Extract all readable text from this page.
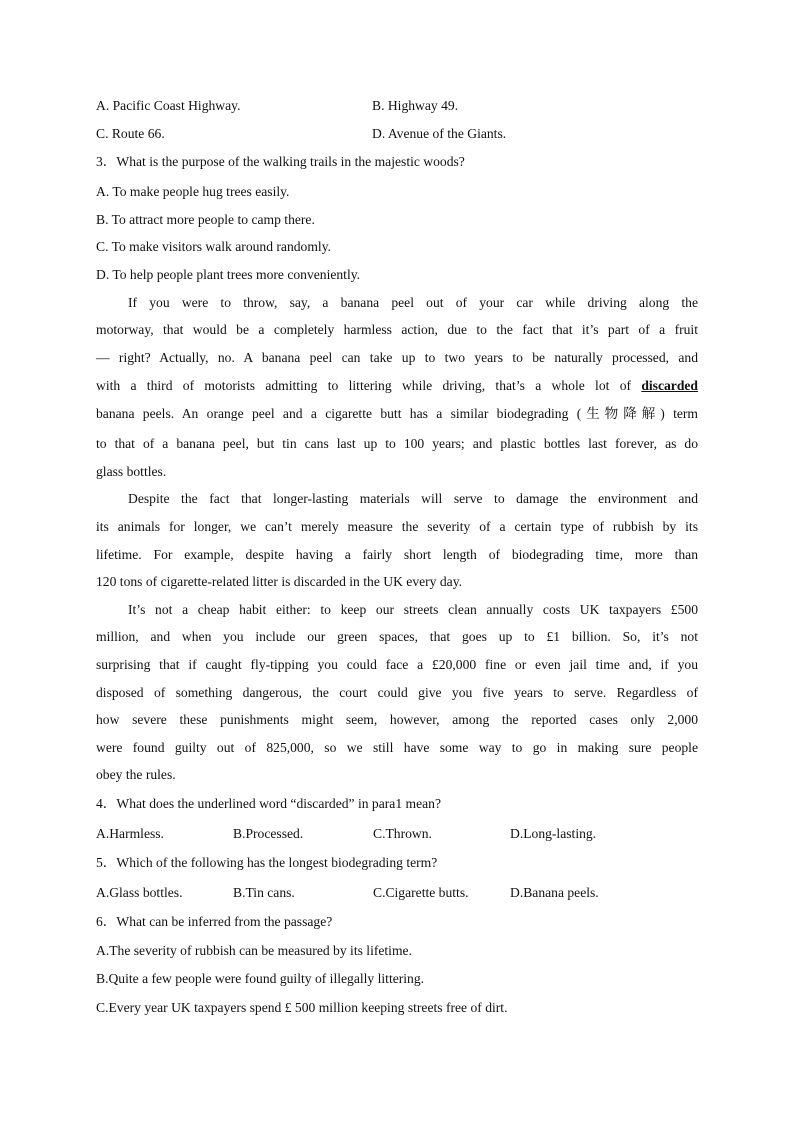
A. Pacific Coast Highway.	B. Highway 49.
C. Route 66.	D. Avenue of the Giants.
3．What is the purpose of the walking trails in the majestic woods?
A. To make people hug trees easily.
B. To attract more people to camp there.
C. To make visitors walk around randomly.
D. To help people plant trees more conveniently.
If you were to throw, say, a banana peel out of your car while driving along the
motorway, that would be a completely harmless action, due to the fact that it’s part of a fruit
— right? Actually, no. A banana peel can take up to two years to be naturally processed, and
with a third of motorists admitting to littering while driving, that’s a whole lot of discarded
banana peels. An orange peel and a cigarette butt has a similar biodegrading (生物降解) term
to that of a banana peel, but tin cans last up to 100 years; and plastic bottles last forever, as do
glass bottles.
Despite the fact that longer-lasting materials will serve to damage the environment and
its animals for longer, we can’t merely measure the severity of a certain type of rubbish by its
lifetime. For example, despite having a fairly short length of biodegrading time, more than
120 tons of cigarette-related litter is discarded in the UK every day.
It’s not a cheap habit either: to keep our streets clean annually costs UK taxpayers £500
million, and when you include our green spaces, that goes up to £1 billion. So, it’s not
surprising that if caught fly-tipping you could face a £20,000 fine or even jail time and, if you
disposed of something dangerous, the court could give you five years to serve. Regardless of
how severe these punishments might seem, however, among the reported cases only 2,000
were found guilty out of 825,000, so we still have some way to go in making sure people
obey the rules.
4．What does the underlined word “discarded” in para1 mean?
A.Harmless.	B.Processed.	C.Thrown.	D.Long-lasting.
5．Which of the following has the longest biodegrading term?
A.Glass bottles.	B.Tin cans.	C.Cigarette butts.	D.Banana peels.
6．What can be inferred from the passage?
A.The severity of rubbish can be measured by its lifetime.
B.Quite a few people were found guilty of illegally littering.
C.Every year UK taxpayers spend £ 500 million keeping streets free of dirt.
